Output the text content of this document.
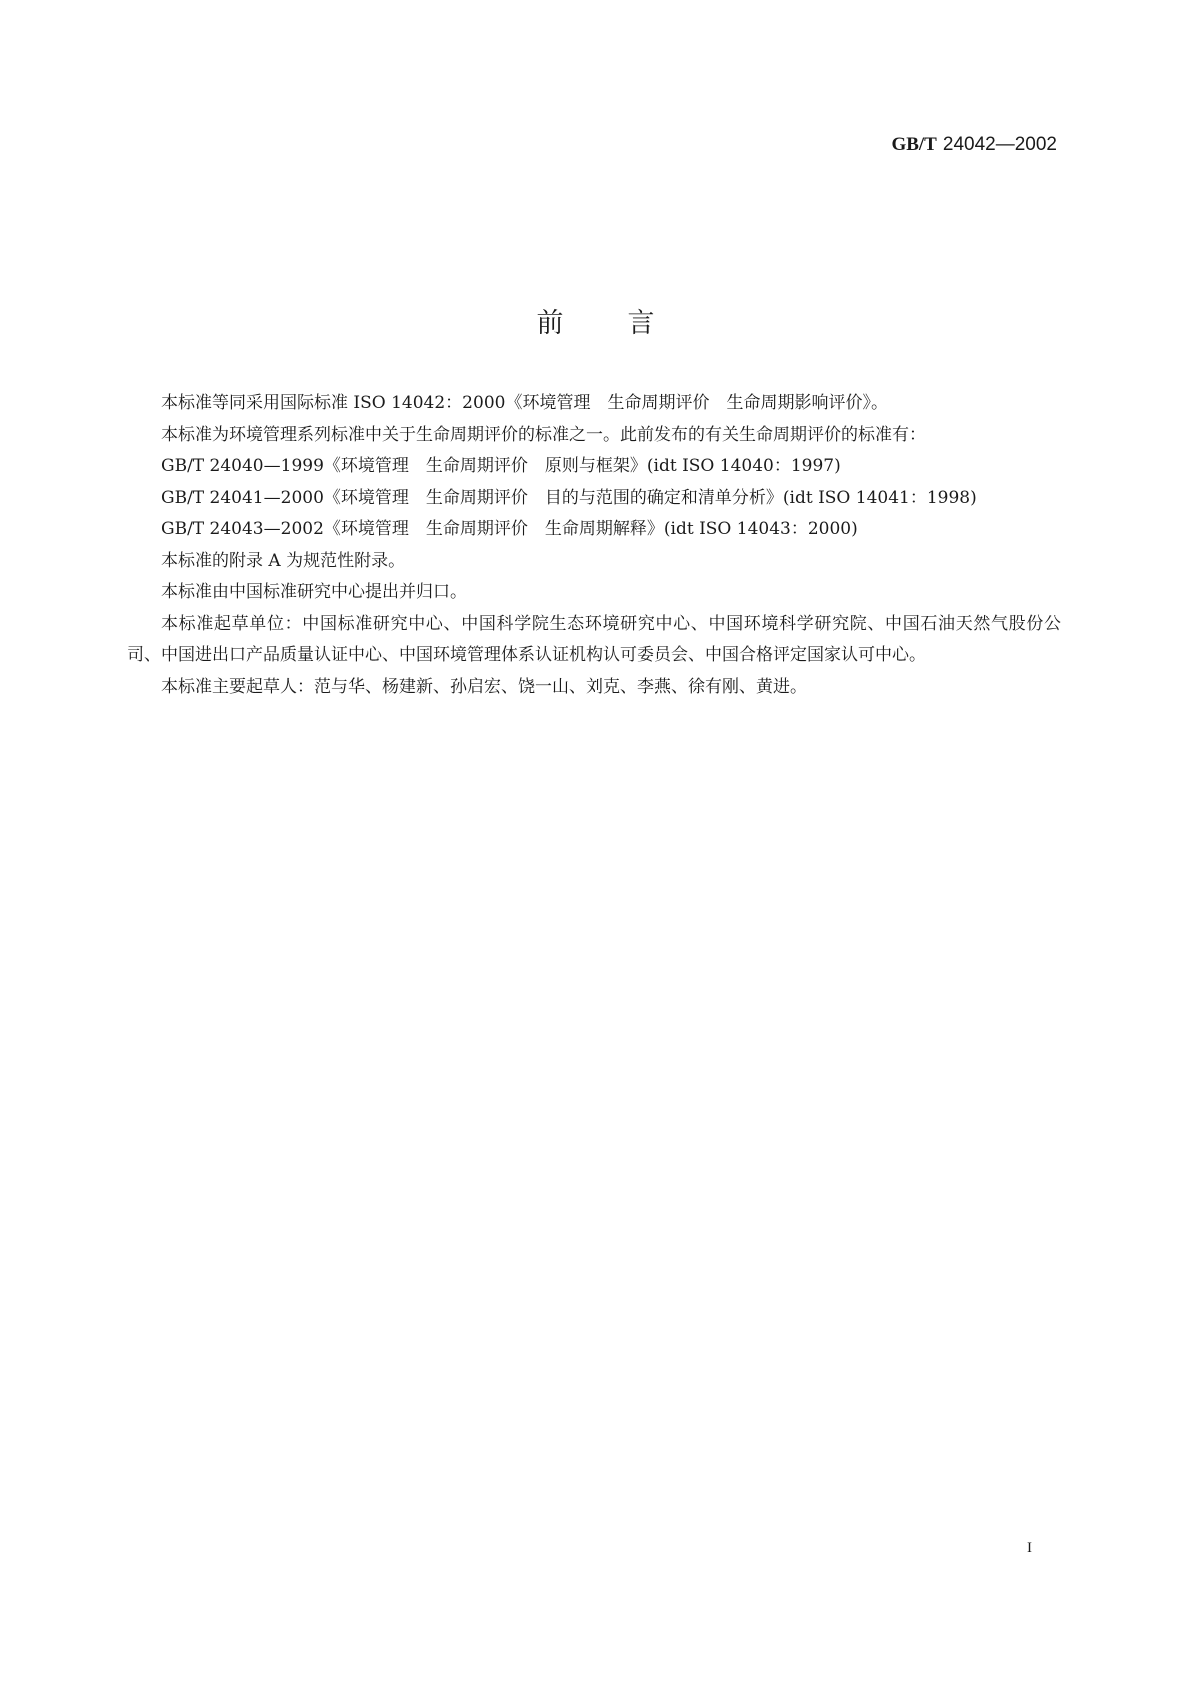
GB/T 24042—2002
前言

本标准等同采用国际标准 ISO 14042：2000《环境管理　生命周期评价　生命周期影响评价》。

本标准为环境管理系列标准中关于生命周期评价的标准之一。此前发布的有关生命周期评价的标准有：

GB/T 24040—1999《环境管理　生命周期评价　原则与框架》(idt ISO 14040：1997)

GB/T 24041—2000《环境管理　生命周期评价　目的与范围的确定和清单分析》(idt ISO 14041：1998)

GB/T 24043—2002《环境管理　生命周期评价　生命周期解释》(idt ISO 14043：2000)

本标准的附录 A 为规范性附录。

本标准由中国标准研究中心提出并归口。

本标准起草单位：中国标准研究中心、中国科学院生态环境研究中心、中国环境科学研究院、中国石油天然气股份公司、中国进出口产品质量认证中心、中国环境管理体系认证机构认可委员会、中国合格评定国家认可中心。

本标准主要起草人：范与华、杨建新、孙启宏、饶一山、刘克、李燕、徐有刚、黄进。

I
